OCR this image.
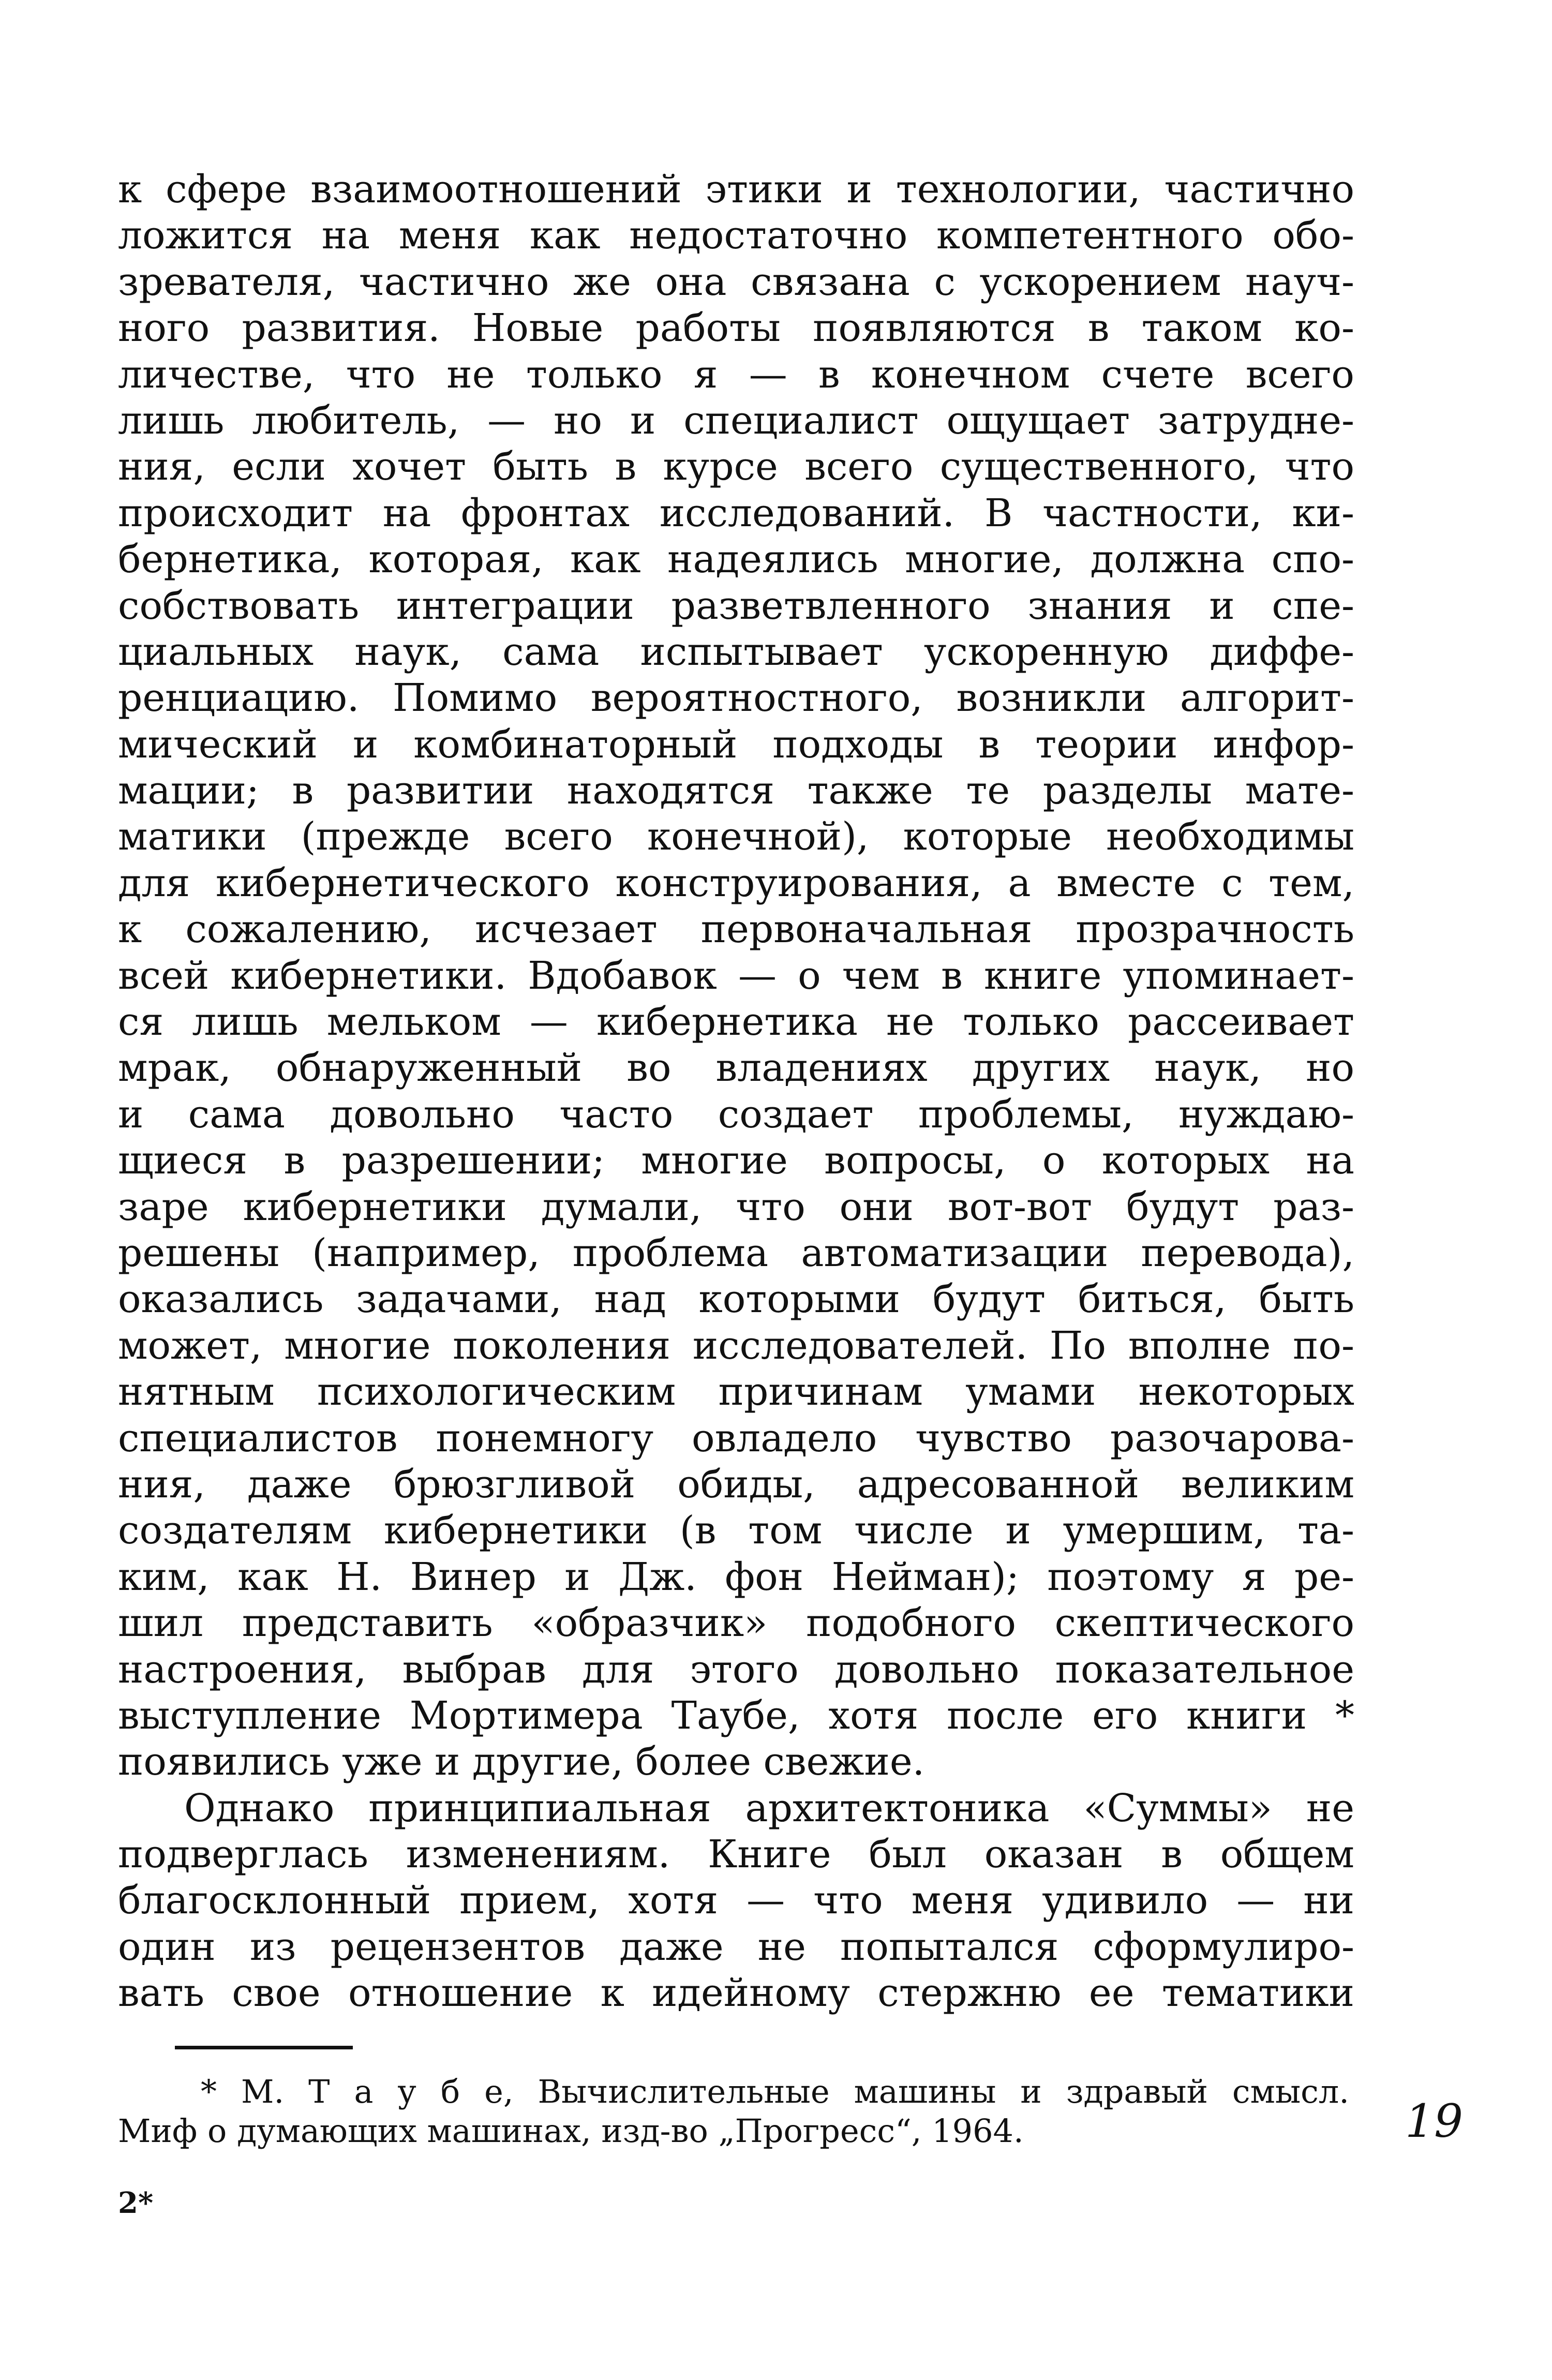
к сфере взаимоотношений этики и технологии, частично
ложится на меня как недостаточно компетентного обо-
зревателя, частично же она связана с ускорением науч-
ного развития. Новые работы появляются в таком ко-
личестве, что не только я — в конечном счете всего
лишь любитель, — но и специалист ощущает затрудне-
ния, если хочет быть в курсе всего существенного, что
происходит на фронтах исследований. В частности, ки-
бернетика, которая, как надеялись многие, должна спо-
собствовать интеграции разветвленного знания и спе-
циальных наук, сама испытывает ускоренную диффе-
ренциацию. Помимо вероятностного, возникли алгорит-
мический и комбинаторный подходы в теории инфор-
мации; в развитии находятся также те разделы мате-
матики (прежде всего конечной), которые необходимы
для кибернетического конструирования, а вместе с тем,
к сожалению, исчезает первоначальная прозрачность
всей кибернетики. Вдобавок — о чем в книге упоминает-
ся лишь мельком — кибернетика не только рассеивает
мрак, обнаруженный во владениях других наук, но
и сама довольно часто создает проблемы, нуждаю-
щиеся в разрешении; многие вопросы, о которых на
заре кибернетики думали, что они вот-вот будут раз-
решены (например, проблема автоматизации перевода),
оказались задачами, над которыми будут биться, быть
может, многие поколения исследователей. По вполне по-
нятным психологическим причинам умами некоторых
специалистов понемногу овладело чувство разочарова-
ния, даже брюзгливой обиды, адресованной великим
создателям кибернетики (в том числе и умершим, та-
ким, как Н. Винер и Дж. фон Нейман); поэтому я ре-
шил представить «образчик» подобного скептического
настроения, выбрав для этого довольно показательное
выступление Мортимера Таубе, хотя после его книги *
появились уже и другие, более свежие.
Однако принципиальная архитектоника «Суммы» не
подверглась изменениям. Книге был оказан в общем
благосклонный прием, хотя — что меня удивило — ни
один из рецензентов даже не попытался сформулиро-
вать свое отношение к идейному стержню ее тематики
* М. Т а у б е, Вычислительные машины и здравый смысл.
Миф о думающих машинах, изд-во „Прогресс“, 1964.	19
2*
